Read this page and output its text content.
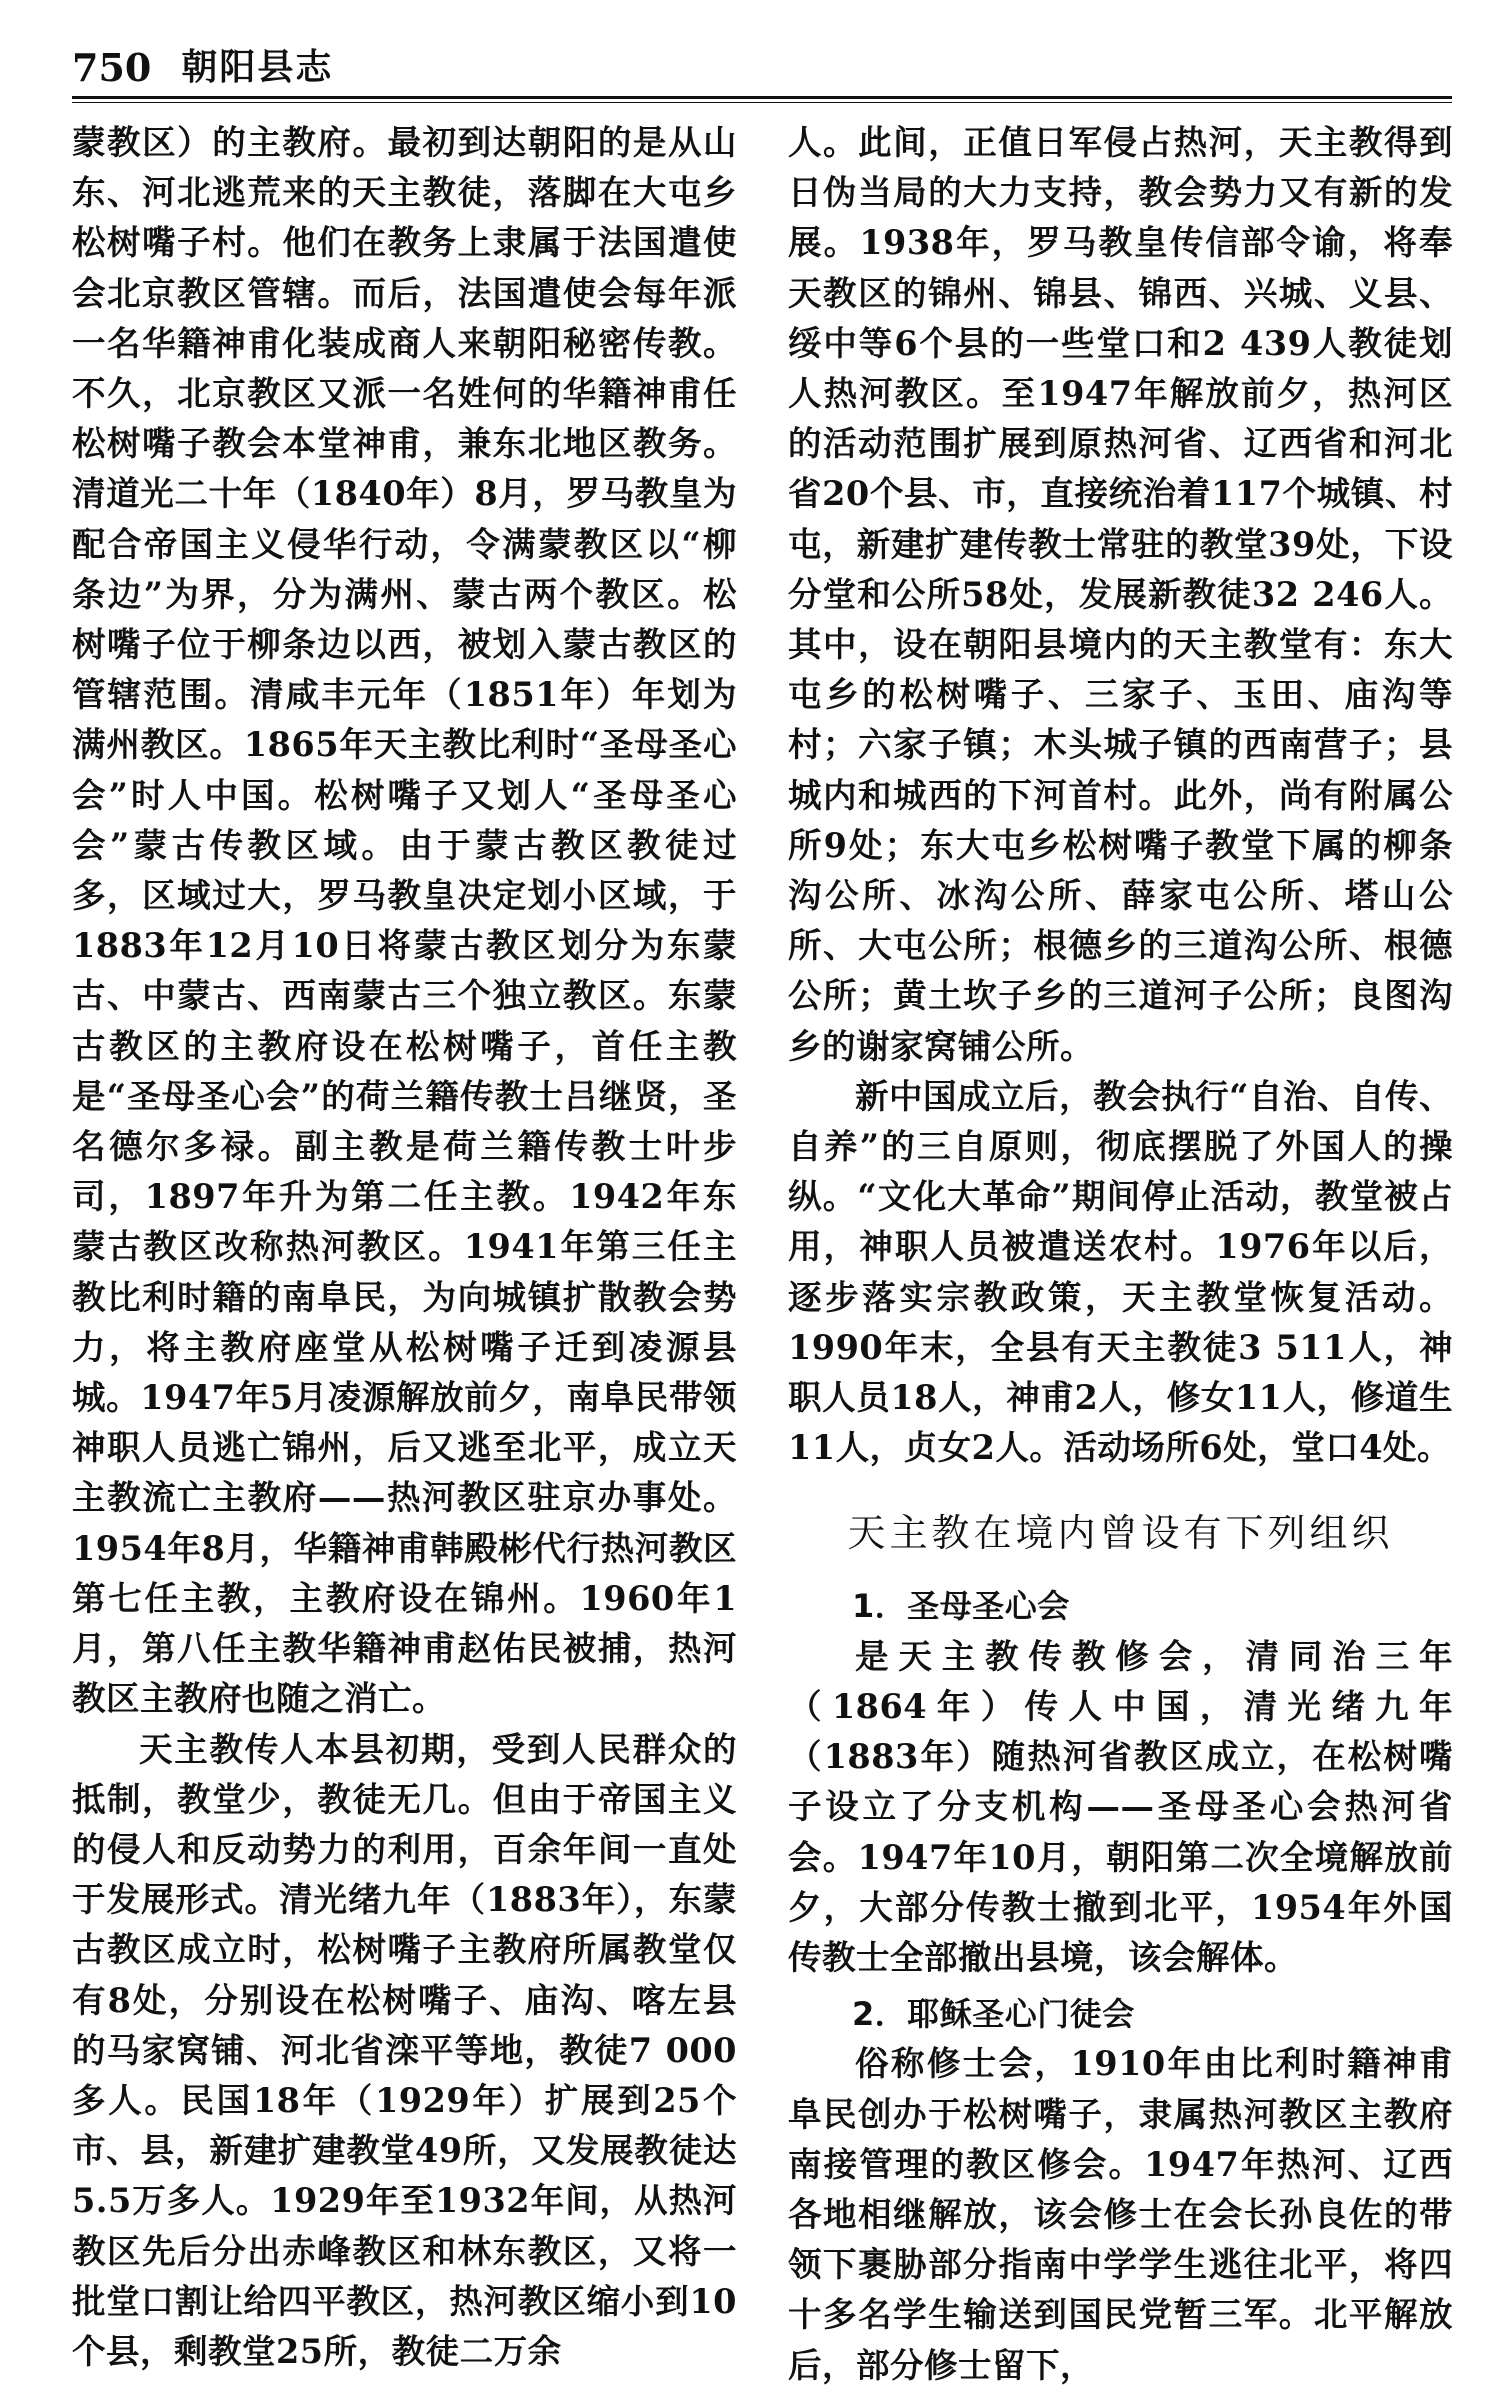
750 朝阳县志

蒙教区）的主教府。最初到达朝阳的是从山东、河北逃荒来的天主教徒，落脚在大屯乡松树嘴子村。他们在教务上隶属于法国遣使会北京教区管辖。而后，法国遣使会每年派一名华籍神甫化装成商人来朝阳秘密传教。不久，北京教区又派一名姓何的华籍神甫任松树嘴子教会本堂神甫，兼东北地区教务。清道光二十年（1840年）8月，罗马教皇为配合帝国主义侵华行动，令满蒙教区以“柳条边”为界，分为满州、蒙古两个教区。松树嘴子位于柳条边以西，被划入蒙古教区的管辖范围。清咸丰元年（1851年）年划为满州教区。1865年天主教比利时“圣母圣心会”时人中国。松树嘴子又划人“圣母圣心会”蒙古传教区域。由于蒙古教区教徒过多，区域过大，罗马教皇决定划小区域，于1883年12月10日将蒙古教区划分为东蒙古、中蒙古、西南蒙古三个独立教区。东蒙古教区的主教府设在松树嘴子，首任主教是“圣母圣心会”的荷兰籍传教士吕继贤，圣名德尔多禄。副主教是荷兰籍传教士叶步司，1897年升为第二任主教。1942年东蒙古教区改称热河教区。1941年第三任主教比利时籍的南阜民，为向城镇扩散教会势力，将主教府座堂从松树嘴子迁到凌源县城。1947年5月凌源解放前夕，南阜民带领神职人员逃亡锦州，后又逃至北平，成立天主教流亡主教府——热河教区驻京办事处。1954年8月，华籍神甫韩殿彬代行热河教区第七任主教，主教府设在锦州。1960年1月，第八任主教华籍神甫赵佑民被捕，热河教区主教府也随之消亡。

天主教传人本县初期，受到人民群众的抵制，教堂少，教徒无几。但由于帝国主义的侵人和反动势力的利用，百余年间一直处于发展形式。清光绪九年（1883年），东蒙古教区成立时，松树嘴子主教府所属教堂仅有8处，分别设在松树嘴子、庙沟、喀左县的马家窝铺、河北省滦平等地，教徒7 000多人。民国18年（1929年）扩展到25个市、县，新建扩建教堂49所，又发展教徒达5.5万多人。1929年至1932年间，从热河教区先后分出赤峰教区和林东教区，又将一批堂口割让给四平教区，热河教区缩小到10个县，剩教堂25所，教徒二万余

人。此间，正值日军侵占热河，天主教得到日伪当局的大力支持，教会势力又有新的发展。1938年，罗马教皇传信部令谕，将奉天教区的锦州、锦县、锦西、兴城、义县、绥中等6个县的一些堂口和2 439人教徒划人热河教区。至1947年解放前夕，热河区的活动范围扩展到原热河省、辽西省和河北省20个县、市，直接统治着117个城镇、村屯，新建扩建传教士常驻的教堂39处，下设分堂和公所58处，发展新教徒32 246人。其中，设在朝阳县境内的天主教堂有：东大屯乡的松树嘴子、三家子、玉田、庙沟等村；六家子镇；木头城子镇的西南营子；县城内和城西的下河首村。此外，尚有附属公所9处；东大屯乡松树嘴子教堂下属的柳条沟公所、冰沟公所、薛家屯公所、塔山公所、大屯公所；根德乡的三道沟公所、根德公所；黄土坎子乡的三道河子公所；良图沟乡的谢家窝铺公所。

新中国成立后，教会执行“自治、自传、自养”的三自原则，彻底摆脱了外国人的操纵。“文化大革命”期间停止活动，教堂被占用，神职人员被遣送农村。1976年以后，逐步落实宗教政策，天主教堂恢复活动。1990年末，全县有天主教徒3 511人，神职人员18人，神甫2人，修女11人，修道生11人，贞女2人。活动场所6处，堂口4处。

天主教在境内曾设有下列组织
1．圣母圣心会

是天主教传教修会，清同治三年（1864年）传人中国，清光绪九年（1883年）随热河省教区成立，在松树嘴子设立了分支机构——圣母圣心会热河省会。1947年10月，朝阳第二次全境解放前夕，大部分传教士撤到北平，1954年外国传教士全部撤出县境，该会解体。

2．耶稣圣心门徒会

俗称修士会，1910年由比利时籍神甫阜民创办于松树嘴子，隶属热河教区主教府南接管理的教区修会。1947年热河、辽西各地相继解放，该会修士在会长孙良佐的带领下裹胁部分指南中学学生逃往北平，将四十多名学生输送到国民党暂三军。北平解放后，部分修士留下，
